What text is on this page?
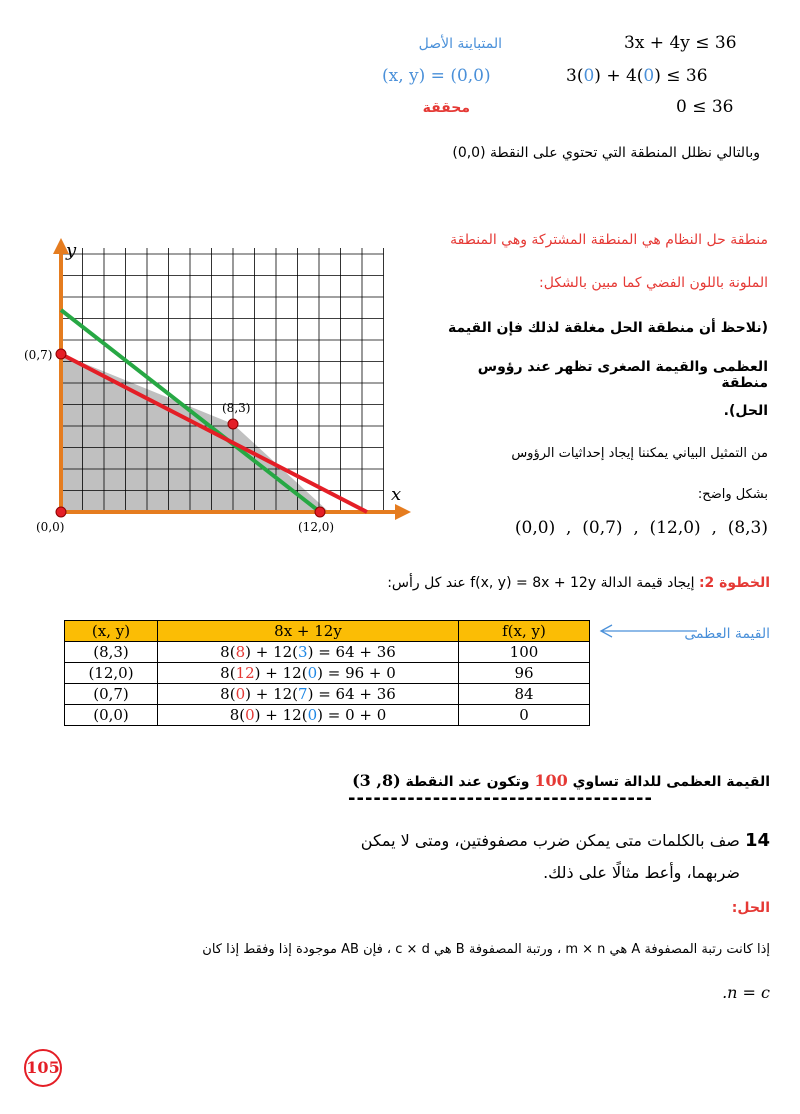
المتباينة الأصل	3x + 4y ≤ 36
(x, y) = (0,0)	3(0) + 4(0) ≤ 36
محققة	0 ≤ 36
وبالتالي نظلل المنطقة التي تحتوي على النقطة (0,0)
y
x
(0,7)
(8,3)
(0,0)	(12,0)
منطقة حل النظام هي المنطقة المشتركة وهي المنطقة
الملونة باللون الفضي كما مبين بالشكل:
(نلاحظ أن منطقة الحل مغلقة لذلك فإن القيمة
العظمى والقيمة الصغرى تظهر عند رؤوس منطقة
الحل).
من التمثيل البياني يمكننا إيجاد إحداثيات الرؤوس
بشكل واضح:
(0,0)  ,  (0,7)  ,  (12,0)  ,  (8,3)
الخطوة 2: إيجاد قيمة الدالة f(x, y) = 8x + 12y عند كل رأس:
(x, y)	8x + 12y	f(x, y)
(8,3)	8(8) + 12(3) = 64 + 36	100
(12,0)	8(12) + 12(0) = 96 + 0	96
(0,7)	8(0) + 12(7) = 64 + 36	84
(0,0)	8(0) + 12(0) = 0 + 0	0
القيمة العظمى
القيمة العظمى للدالة تساوي 100 وتكون عند النقطة (8, 3)
------------------------------------
14 صف بالكلمات متى يمكن ضرب مصفوفتين، ومتى لا يمكن
ضربهما، وأعط مثالًا على ذلك.
الحل:
إذا كانت رتبة المصفوفة A هي m × n ، ورتبة المصفوفة B هي c × d ، فإن AB موجودة إذا وفقط إذا كان
.n = c
105
